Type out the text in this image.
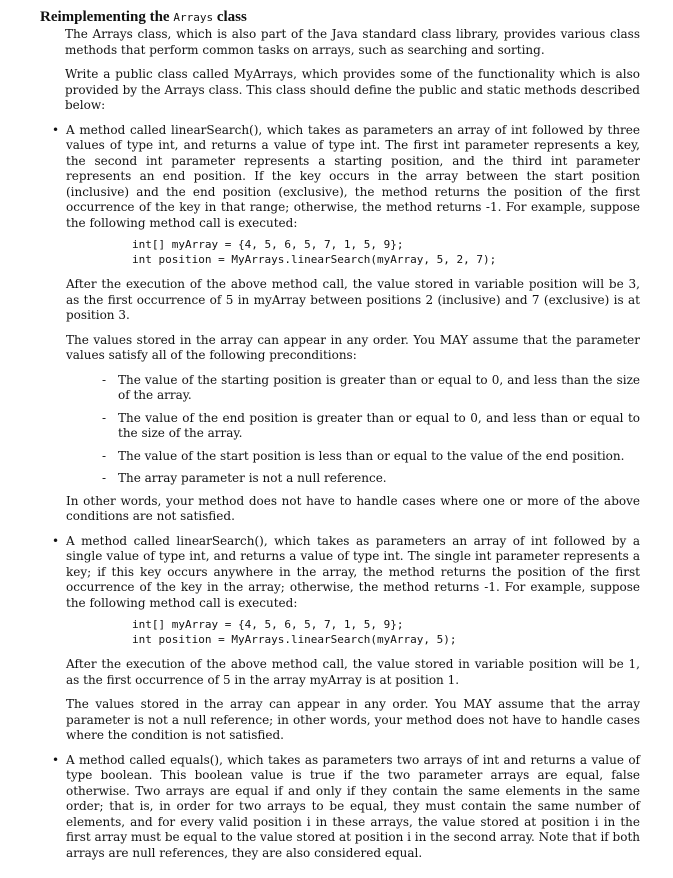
Reimplementing the Arrays class

The Arrays class, which is also part of the Java standard class library, provides various class methods that perform common tasks on arrays, such as searching and sorting.

Write a public class called MyArrays, which provides some of the functionality which is also provided by the Arrays class. This class should define the public and static methods described below:

• A method called linearSearch(), which takes as parameters an array of int followed by three values of type int, and returns a value of type int. The first int parameter represents a key, the second int parameter represents a starting position, and the third int parameter represents an end position. If the key occurs in the array between the start position (inclusive) and the end position (exclusive), the method returns the position of the first occurrence of the key in that range; otherwise, the method returns -1. For example, suppose the following method call is executed:
int[] myArray = {4, 5, 6, 5, 7, 1, 5, 9};
int position = MyArrays.linearSearch(myArray, 5, 2, 7);

After the execution of the above method call, the value stored in variable position will be 3, as the first occurrence of 5 in myArray between positions 2 (inclusive) and 7 (exclusive) is at position 3.

The values stored in the array can appear in any order. You MAY assume that the parameter values satisfy all of the following preconditions:

- The value of the starting position is greater than or equal to 0, and less than the size of the array.
- The value of the end position is greater than or equal to 0, and less than or equal to the size of the array.
- The value of the start position is less than or equal to the value of the end position.
- The array parameter is not a null reference.

In other words, your method does not have to handle cases where one or more of the above conditions are not satisfied.

• A method called linearSearch(), which takes as parameters an array of int followed by a single value of type int, and returns a value of type int. The single int parameter represents a key; if this key occurs anywhere in the array, the method returns the position of the first occurrence of the key in the array; otherwise, the method returns -1. For example, suppose the following method call is executed:
int[] myArray = {4, 5, 6, 5, 7, 1, 5, 9};
int position = MyArrays.linearSearch(myArray, 5);

After the execution of the above method call, the value stored in variable position will be 1, as the first occurrence of 5 in the array myArray is at position 1.

The values stored in the array can appear in any order. You MAY assume that the array parameter is not a null reference; in other words, your method does not have to handle cases where the condition is not satisfied.

• A method called equals(), which takes as parameters two arrays of int and returns a value of type boolean. This boolean value is true if the two parameter arrays are equal, false otherwise. Two arrays are equal if and only if they contain the same elements in the same order; that is, in order for two arrays to be equal, they must contain the same number of elements, and for every valid position i in these arrays, the value stored at position i in the first array must be equal to the value stored at position i in the second array. Note that if both arrays are null references, they are also considered equal.
